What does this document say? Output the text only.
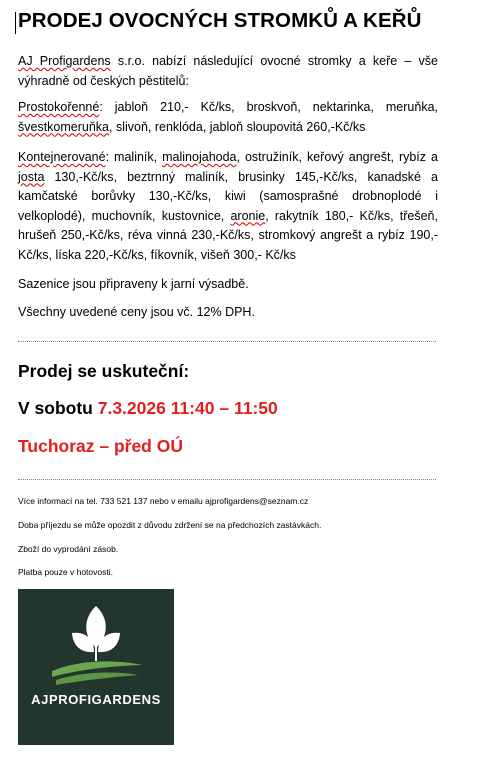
PRODEJ OVOCNÝCH STROMKŮ A KEŘŮ
AJ Profigardens s.r.o. nabízí následující ovocné stromky a keře – vše výhradně od českých pěstitelů:
Prostokořenné: jabloň 210,- Kč/ks, broskvoň, nektarinka, meruňka, švestkomeruňka, slivoň, renklóda, jabloň sloupovitá 260,-Kč/ks
Kontejnerované: maliník, malinojahoda, ostružiník, keřový angrešt, rybíz a josta 130,-Kč/ks, beztrnný maliník, brusinky 145,-Kč/ks, kanadské a kamčatské borůvky 130,-Kč/ks, kiwi (samosprašné drobnoplodé i velkoplodé), muchovník, kustovnice, aronie, rakytník 180,- Kč/ks, třešeň, hrušeň 250,-Kč/ks, réva vinná 230,-Kč/ks, stromkový angrešt a rybíz 190,- Kč/ks, líska 220,-Kč/ks, fíkovník, višeň 300,- Kč/ks
Sazenice jsou připraveny k jarní výsadbě.
Všechny uvedené ceny jsou vč. 12% DPH.
Prodej se uskuteční:
V sobotu 7.3.2026 11:40 – 11:50
Tuchoraz – před OÚ
Více informací na tel. 733 521 137 nebo v emailu ajprofigardens@seznam.cz
Doba příjezdu se může opozdit z důvodu zdržení se na předchozích zastávkách.
Zboží do vyprodání zásob.
Platba pouze v hotovosti.
AJPROFIGARDENS
